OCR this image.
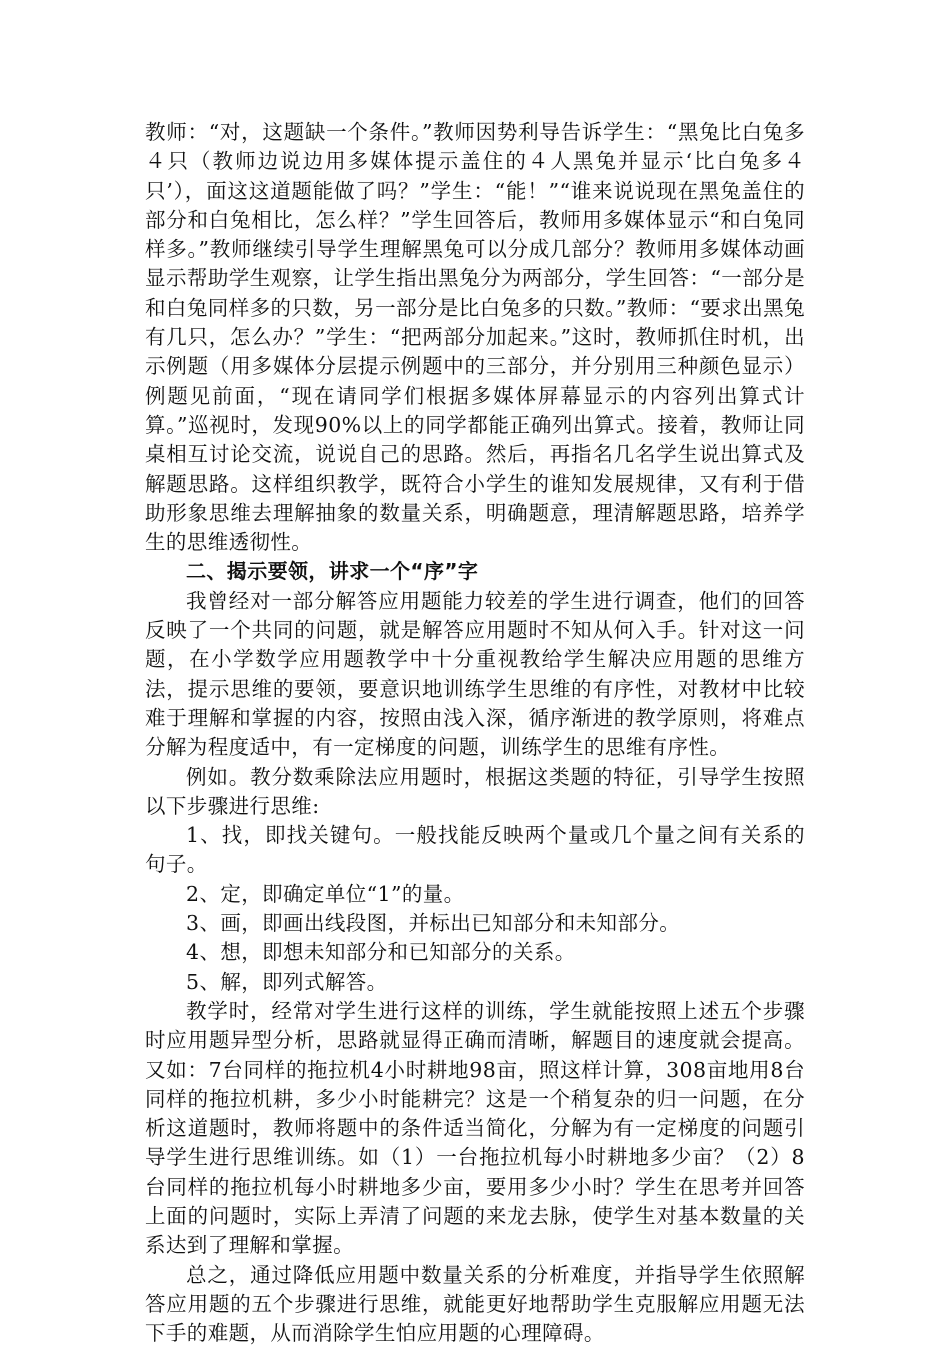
教师：“对，这题缺一个条件。”教师因势利导告诉学生：“黑兔比白兔多４只（教师边说边用多媒体提示盖住的４人黑兔并显示‘比白兔多４只’），面这这道题能做了吗？”学生：“能！”“谁来说说现在黑兔盖住的部分和白兔相比，怎么样？”学生回答后，教师用多媒体显示“和白兔同样多。”教师继续引导学生理解黑兔可以分成几部分？教师用多媒体动画显示帮助学生观察，让学生指出黑兔分为两部分，学生回答：“一部分是和白兔同样多的只数，另一部分是比白兔多的只数。”教师：“要求出黑兔有几只，怎么办？”学生：“把两部分加起来。”这时，教师抓住时机，出示例题（用多媒体分层提示例题中的三部分，并分别用三种颜色显示）例题见前面，“现在请同学们根据多媒体屏幕显示的内容列出算式计算。”巡视时，发现90%以上的同学都能正确列出算式。接着，教师让同桌相互讨论交流，说说自己的思路。然后，再指名几名学生说出算式及解题思路。这样组织教学，既符合小学生的谁知发展规律，又有利于借助形象思维去理解抽象的数量关系，明确题意，理清解题思路，培养学生的思维透彻性。

二、揭示要领，讲求一个“序”字

我曾经对一部分解答应用题能力较差的学生进行调查，他们的回答反映了一个共同的问题，就是解答应用题时不知从何入手。针对这一问题，在小学数学应用题教学中十分重视教给学生解决应用题的思维方法，提示思维的要领，要意识地训练学生思维的有序性，对教材中比较难于理解和掌握的内容，按照由浅入深，循序渐进的教学原则，将难点分解为程度适中，有一定梯度的问题，训练学生的思维有序性。

例如。教分数乘除法应用题时，根据这类题的特征，引导学生按照以下步骤进行思维:

1、找，即找关键句。一般找能反映两个量或几个量之间有关系的句子。

2、定，即确定单位“1”的量。

3、画，即画出线段图，并标出已知部分和未知部分。

4、想，即想未知部分和已知部分的关系。

5、解，即列式解答。

教学时，经常对学生进行这样的训练，学生就能按照上述五个步骤时应用题异型分析，思路就显得正确而清晰，解题目的速度就会提高。又如：7台同样的拖拉机4小时耕地98亩，照这样计算，308亩地用8台同样的拖拉机耕，多少小时能耕完？这是一个稍复杂的归一问题，在分析这道题时，教师将题中的条件适当简化，分解为有一定梯度的问题引导学生进行思维训练。如（1）一台拖拉机每小时耕地多少亩？（2）8台同样的拖拉机每小时耕地多少亩，要用多少小时？学生在思考并回答上面的问题时，实际上弄清了问题的来龙去脉，使学生对基本数量的关系达到了理解和掌握。

总之，通过降低应用题中数量关系的分析难度，并指导学生依照解答应用题的五个步骤进行思维，就能更好地帮助学生克服解应用题无法下手的难题，从而消除学生怕应用题的心理障碍。
